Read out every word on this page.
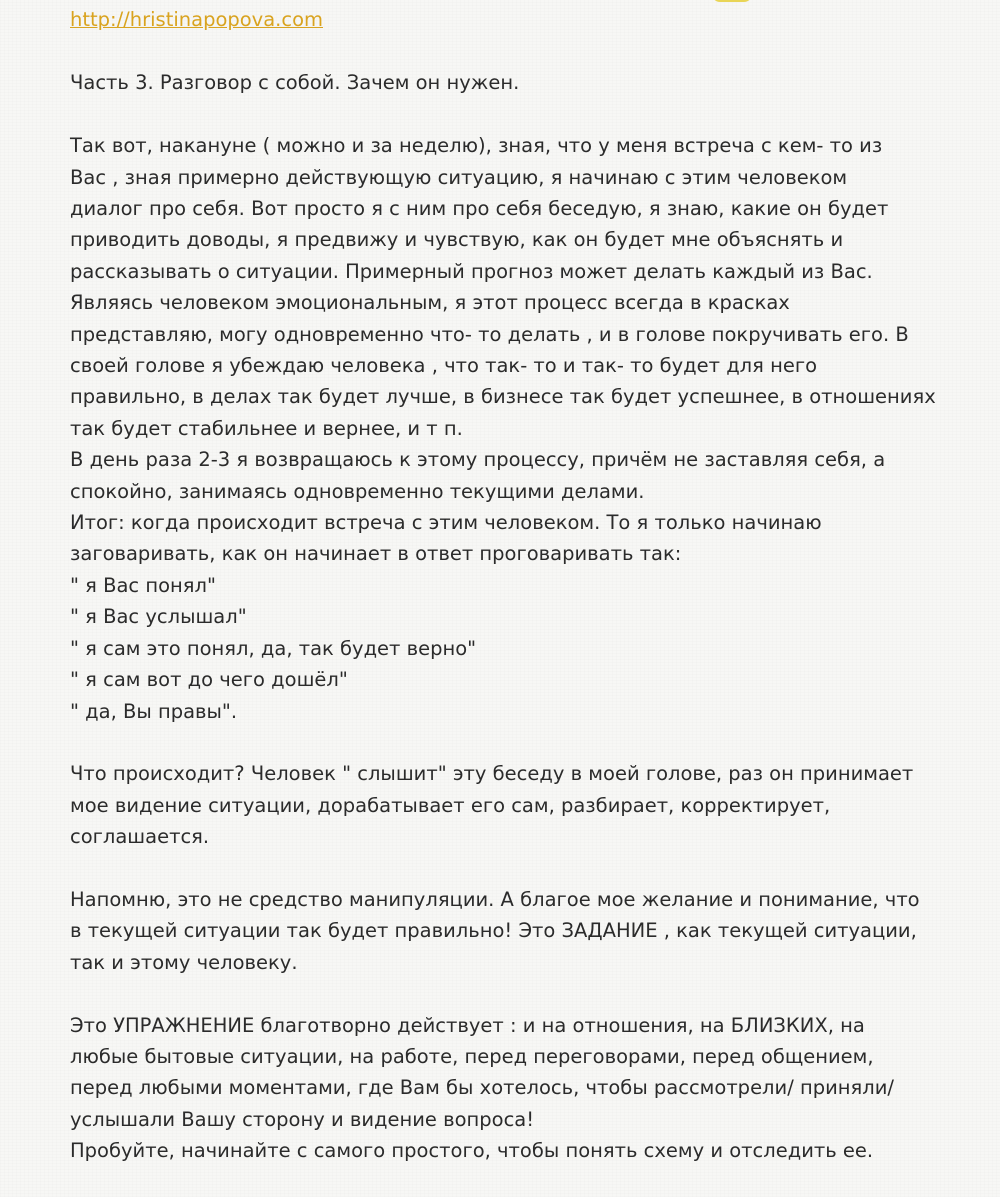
http://hristinapopova.com

Часть 3. Разговор с собой. Зачем он нужен.

Так вот, накануне ( можно и за неделю), зная, что у меня встреча с кем- то из
Вас , зная примерно действующую ситуацию, я начинаю с этим человеком
диалог про себя. Вот просто я с ним про себя беседую, я знаю, какие он будет
приводить доводы, я предвижу и чувствую, как он будет мне объяснять и
рассказывать о ситуации. Примерный прогноз может делать каждый из Вас.
Являясь человеком эмоциональным, я этот процесс всегда в красках
представляю, могу одновременно что- то делать , и в голове покручивать его. В
своей голове я убеждаю человека , что так- то и так- то будет для него
правильно, в делах так будет лучше, в бизнесе так будет успешнее, в отношениях
так будет стабильнее и вернее, и т п.
В день раза 2-3 я возвращаюсь к этому процессу, причём не заставляя себя, а
спокойно, занимаясь одновременно текущими делами.
Итог: когда происходит встреча с этим человеком. То я только начинаю
заговаривать, как он начинает в ответ проговаривать так:
" я Вас понял"
" я Вас услышал"
" я сам это понял, да, так будет верно"
" я сам вот до чего дошёл"
" да, Вы правы".

Что происходит? Человек " слышит" эту беседу в моей голове, раз он принимает
мое видение ситуации, дорабатывает его сам, разбирает, корректирует,
соглашается.

Напомню, это не средство манипуляции. А благое мое желание и понимание, что
в текущей ситуации так будет правильно! Это ЗАДАНИЕ , как текущей ситуации,
так и этому человеку.

Это УПРАЖНЕНИЕ благотворно действует : и на отношения, на БЛИЗКИХ, на
любые бытовые ситуации, на работе, перед переговорами, перед общением,
перед любыми моментами, где Вам бы хотелось, чтобы рассмотрели/ приняли/
услышали Вашу сторону и видение вопроса!
Пробуйте, начинайте с самого простого, чтобы понять схему и отследить ее.
